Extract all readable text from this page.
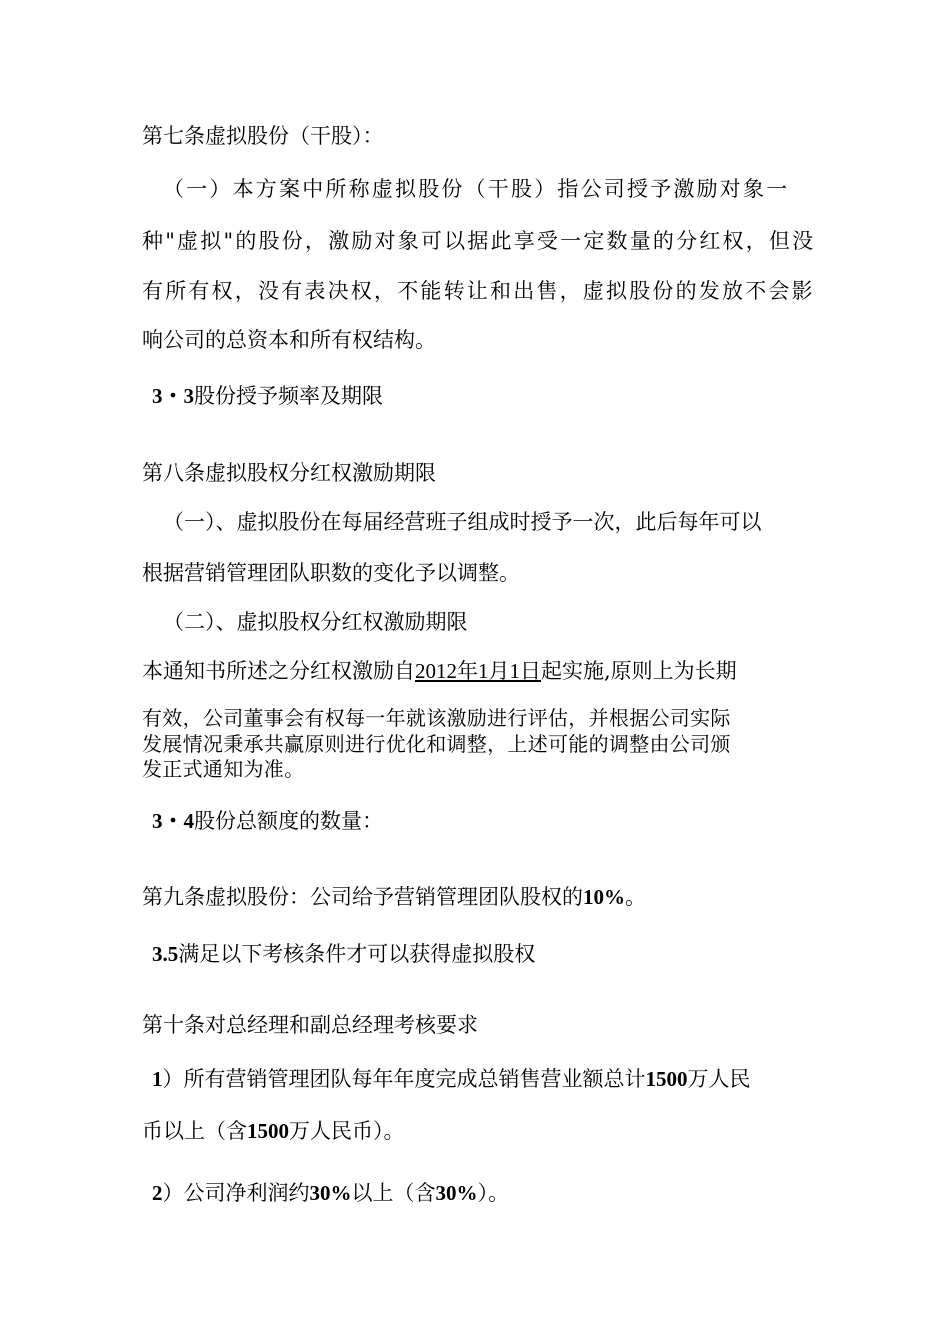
第七条虚拟股份（干股）：
（一）本方案中所称虚拟股份（干股）指公司授予激励对象一
种"虚拟"的股份，激励对象可以据此享受一定数量的分红权，但没
有所有权，没有表决权，不能转让和出售，虚拟股份的发放不会影
响公司的总资本和所有权结构。
3・3股份授予频率及期限
第八条虚拟股权分红权激励期限
（一）、虚拟股份在每届经营班子组成时授予一次，此后每年可以
根据营销管理团队职数的变化予以调整。
（二）、虚拟股权分红权激励期限
本通知书所述之分红权激励自2012年1月1日起实施,原则上为长期
有效，公司董事会有权每一年就该激励进行评估，并根据公司实际
发展情况秉承共赢原则进行优化和调整，上述可能的调整由公司颁
发正式通知为准。
3・4股份总额度的数量：
第九条虚拟股份：公司给予营销管理团队股权的10%。
3.5满足以下考核条件才可以获得虚拟股权
第十条对总经理和副总经理考核要求
1）所有营销管理团队每年年度完成总销售营业额总计1500万人民
币以上（含1500万人民币）。
2）公司净利润约30%以上（含30%）。
